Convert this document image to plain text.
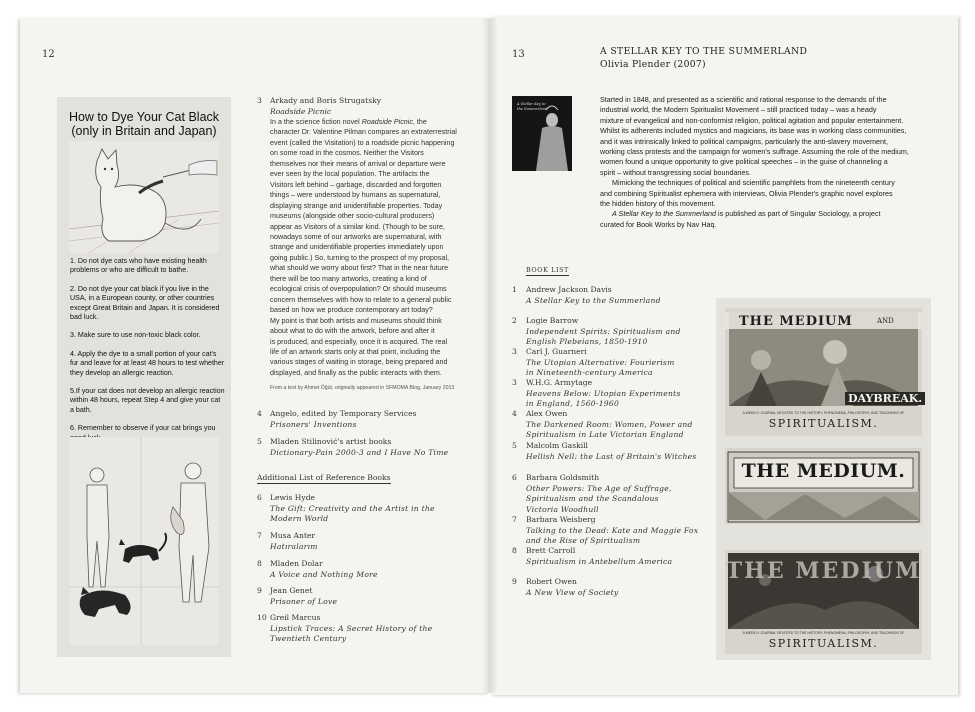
12
How to Dye Your Cat Black
(only in Britain and Japan)

1. Do not dye cats who have existing health problems or who are difficult to bathe.

2. Do not dye your cat black if you live in the USA, in a European county, or other countries except Great Britain and Japan. It is considered bad luck.

3. Make sure to use non-toxic black color.

4. Apply the dye to a small portion of your cat's fur and leave for at least 48 hours to test whether they develop an allergic reaction.

5.If your cat does not develop an allergic reaction within 48 hours, repeat Step 4 and give your cat a bath.

6. Remember to observe if your cat brings you

3 Arkady and Boris Strugatsky
Roadside Picnic
In a the science fiction novel Roadside Picnic, the
character Dr. Valentine Pilman compares an extraterrestrial
event (called the Visitation) to a roadside picnic happening
on some road in the cosmos. Neither the Visitors
themselves nor their means of arrival or departure were
ever seen by the local population. The artifacts the
Visitors left behind – garbage, discarded and forgotten
things – were understood by humans as supernatural,
displaying strange and unidentifiable properties. Today
museums (alongside other socio-cultural producers)
appear as Visitors of a similar kind. (Though to be sure,
nowadays some of our artworks are supernatural, with
strange and unidentifiable properties immediately upon
going public.) So, turning to the prospect of my proposal,
what should we worry about first? That in the near future
there will be too many artworks, creating a kind of
ecological crisis of overpopulation? Or should museums
concern themselves with how to relate to a general public
based on how we produce contemporary art today?
My point is that both artists and museums should think
about what to do with the artwork, before and after it
is produced, and especially, once it is acquired. The real
life of an artwork starts only at that point, including the
various stages of waiting in storage, being prepared and
displayed, and finally as the public interacts with them.
From a text by Ahmet Öğüt, originally appeared in SFMOMA Blog, January 2013
4 Angelo, edited by Temporary Services
Prisoners' Inventions
5 Mladen Stilinović's artist books
Dictionary-Pain 2000-3 and I Have No Time
Additional List of Reference Books
6 Lewis Hyde
The Gift: Creativity and the Artist in the
Modern World
7 Musa Anter
Hatıralarım
8 Mladen Dolar
A Voice and Nothing More
9 Jean Genet
Prisoner of Love
10 Greil Marcus
Lipstick Traces: A Secret History of the
Twentieth Century
13	A STELLAR KEY TO THE SUMMERLAND
Olivia Plender (2007)
A Stellar Key to
the Summerland
Started in 1848, and presented as a scientific and rational response to the demands of the
industrial world, the Modern Spiritualist Movement – still practiced today – was a heady
mixture of evangelical and non-conformist religion, political agitation and popular entertainment.
Whilst its adherents included mystics and magicians, its base was in working class communities,
and it was intrinsically linked to political campaigns, particularly the anti-slavery movement,
working class protests and the campaign for women's suffrage. Assuming the role of the medium,
women found a unique opportunity to give political speeches – in the guise of channeling a
spirit – without transgressing social boundaries.
Mimicking the techniques of political and scientific pamphlets from the nineteenth century
and combining Spiritualist ephemera with interviews, Olivia Plender's graphic novel explores
the hidden history of this movement.
A Stellar Key to the Summerland is published as part of Singular Sociology, a project
curated for Book Works by Nav Haq.
BOOK LIST
1 Andrew Jackson Davis
A Stellar Key to the Summerland
2 Logie Barrow
Independent Spirits: Spiritualism and
English Plebeians, 1850-1910
3 Carl J. Guarneri
The Utopian Alternative: Fourierism
in Nineteenth-century America
3 W.H.G. Armytage
Heavens Below: Utopian Experiments
in England, 1560-1960
4 Alex Owen
The Darkened Room: Women, Power and
Spiritualism in Late Victorian England
5 Malcolm Gaskill
Hellish Nell: the Last of Britain's Witches
6 Barbara Goldsmith
Other Powers: The Age of Suffrage,
Spiritualism and the Scandalous
Victoria Woodhull
7 Barbara Weisberg
Talking to the Dead: Kate and Maggie Fox
and the Rise of Spiritualism
8 Brett Carroll
Spiritualism in Antebellum America
9 Robert Owen
A New View of Society
THE MEDIUM	AND
DAYBREAK.
A WEEKLY JOURNAL DEVOTED TO THE HISTORY, PHENOMENA, PHILOSOPHY, AND TEACHINGS OF
SPIRITUALISM.
THE MEDIUM.
THE MEDIUM
A WEEKLY JOURNAL DEVOTED TO THE HISTORY, PHENOMENA, PHILOSOPHY, AND TEACHINGS OF
SPIRITUALISM.
